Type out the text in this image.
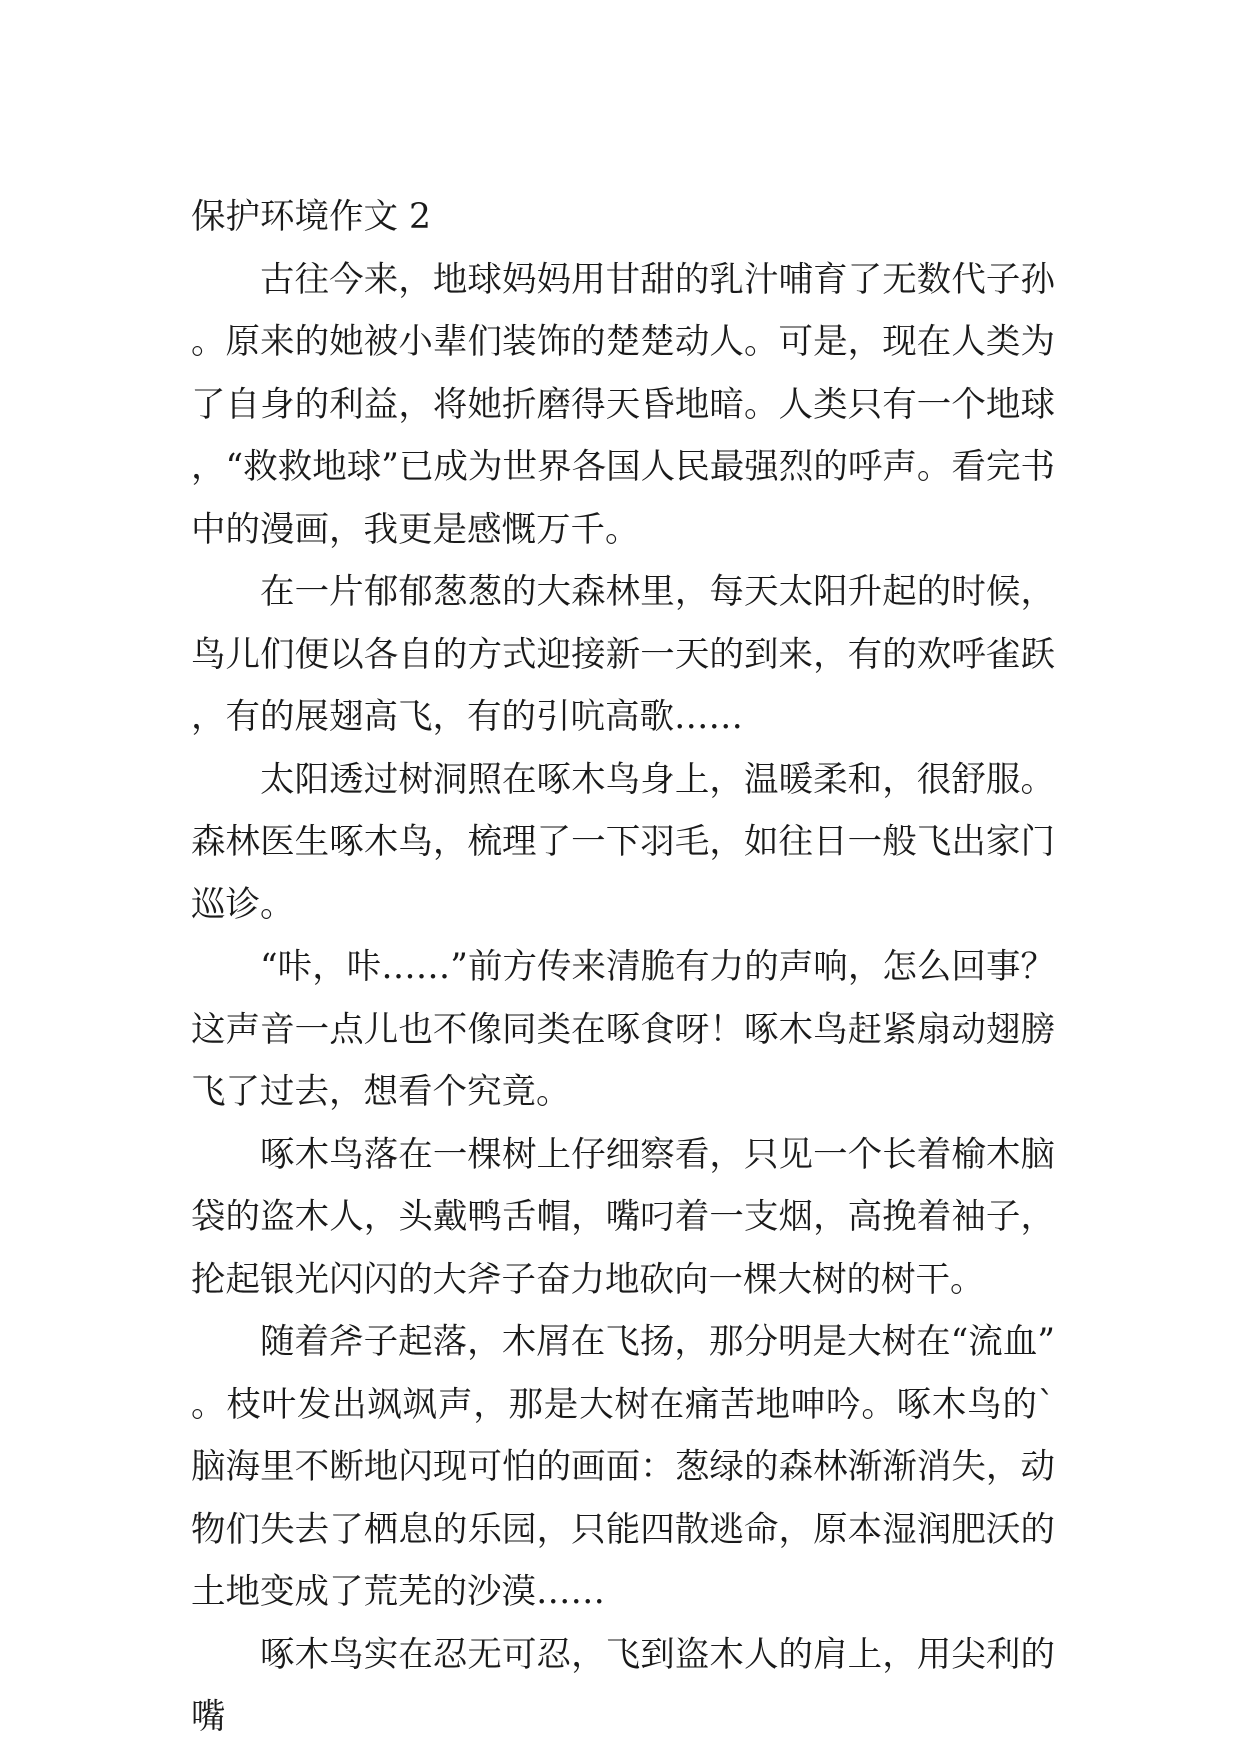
保护环境作文 2

古往今来，地球妈妈用甘甜的乳汁哺育了无数代子孙。原来的她被小辈们装饰的楚楚动人。可是，现在人类为了自身的利益，将她折磨得天昏地暗。人类只有一个地球，“救救地球”已成为世界各国人民最强烈的呼声。看完书中的漫画，我更是感慨万千。

在一片郁郁葱葱的大森林里，每天太阳升起的时候，鸟儿们便以各自的方式迎接新一天的到来，有的欢呼雀跃，有的展翅高飞，有的引吭高歌……

太阳透过树洞照在啄木鸟身上，温暖柔和，很舒服。森林医生啄木鸟，梳理了一下羽毛，如往日一般飞出家门巡诊。

“咔，咔……”前方传来清脆有力的声响，怎么回事？这声音一点儿也不像同类在啄食呀！啄木鸟赶紧扇动翅膀飞了过去，想看个究竟。

啄木鸟落在一棵树上仔细察看，只见一个长着榆木脑袋的盗木人，头戴鸭舌帽，嘴叼着一支烟，高挽着袖子，抡起银光闪闪的大斧子奋力地砍向一棵大树的树干。

随着斧子起落，木屑在飞扬，那分明是大树在“流血”。枝叶发出飒飒声，那是大树在痛苦地呻吟。啄木鸟的`脑海里不断地闪现可怕的画面：葱绿的森林渐渐消失，动物们失去了栖息的乐园，只能四散逃命，原本湿润肥沃的土地变成了荒芜的沙漠……

啄木鸟实在忍无可忍，飞到盗木人的肩上，用尖利的嘴
